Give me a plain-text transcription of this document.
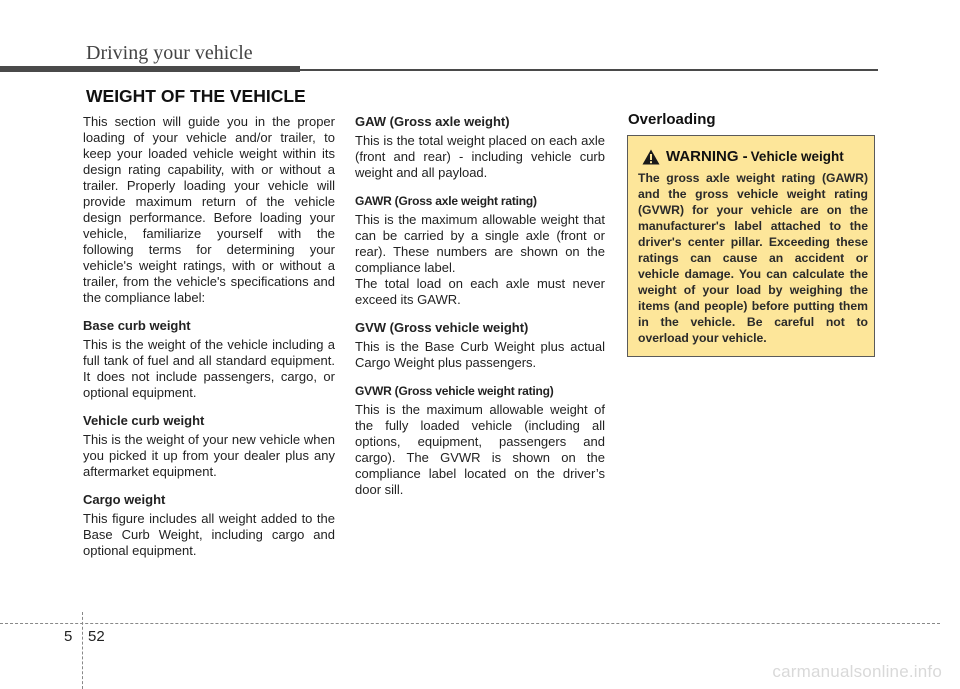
Driving your vehicle
WEIGHT OF THE VEHICLE

This section will guide you in the proper loading of your vehicle and/or trailer, to keep your loaded vehicle weight within its design rating capability, with or without a trailer. Properly loading your vehicle will provide maximum return of the vehicle design performance. Before loading your vehicle, familiarize yourself with the following terms for determining your vehicle's weight ratings, with or without a trailer, from the vehicle's specifications and the compliance label:

Base curb weight

This is the weight of the vehicle including a full tank of fuel and all standard equipment. It does not include passengers, cargo, or optional equipment.

Vehicle curb weight

This is the weight of your new vehicle when you picked it up from your dealer plus any aftermarket equipment.

Cargo weight

This figure includes all weight added to the Base Curb Weight, including cargo and optional equipment.

GAW (Gross axle weight)

This is the total weight placed on each axle (front and rear) - including vehicle curb weight and all payload.

GAWR (Gross axle weight rating)

This is the maximum allowable weight that can be carried by a single axle (front or rear). These numbers are shown on the compliance label.

The total load on each axle must never exceed its GAWR.

GVW (Gross vehicle weight)

This is the Base Curb Weight plus actual Cargo Weight plus passengers.

GVWR (Gross vehicle weight rating)

This is the maximum allowable weight of the fully loaded vehicle (including all options, equipment, passengers and cargo). The GVWR is shown on the compliance label located on the driver’s door sill.

Overloading
WARNING - Vehicle weight

The gross axle weight rating (GAWR) and the gross vehicle weight rating (GVWR) for your vehicle are on the manufacturer's label attached to the driver's center pillar. Exceeding these ratings can cause an accident or vehicle damage. You can calculate the weight of your load by weighing the items (and people) before putting them in the vehicle. Be careful not to overload your vehicle.

5 52
carmanualsonline.info
